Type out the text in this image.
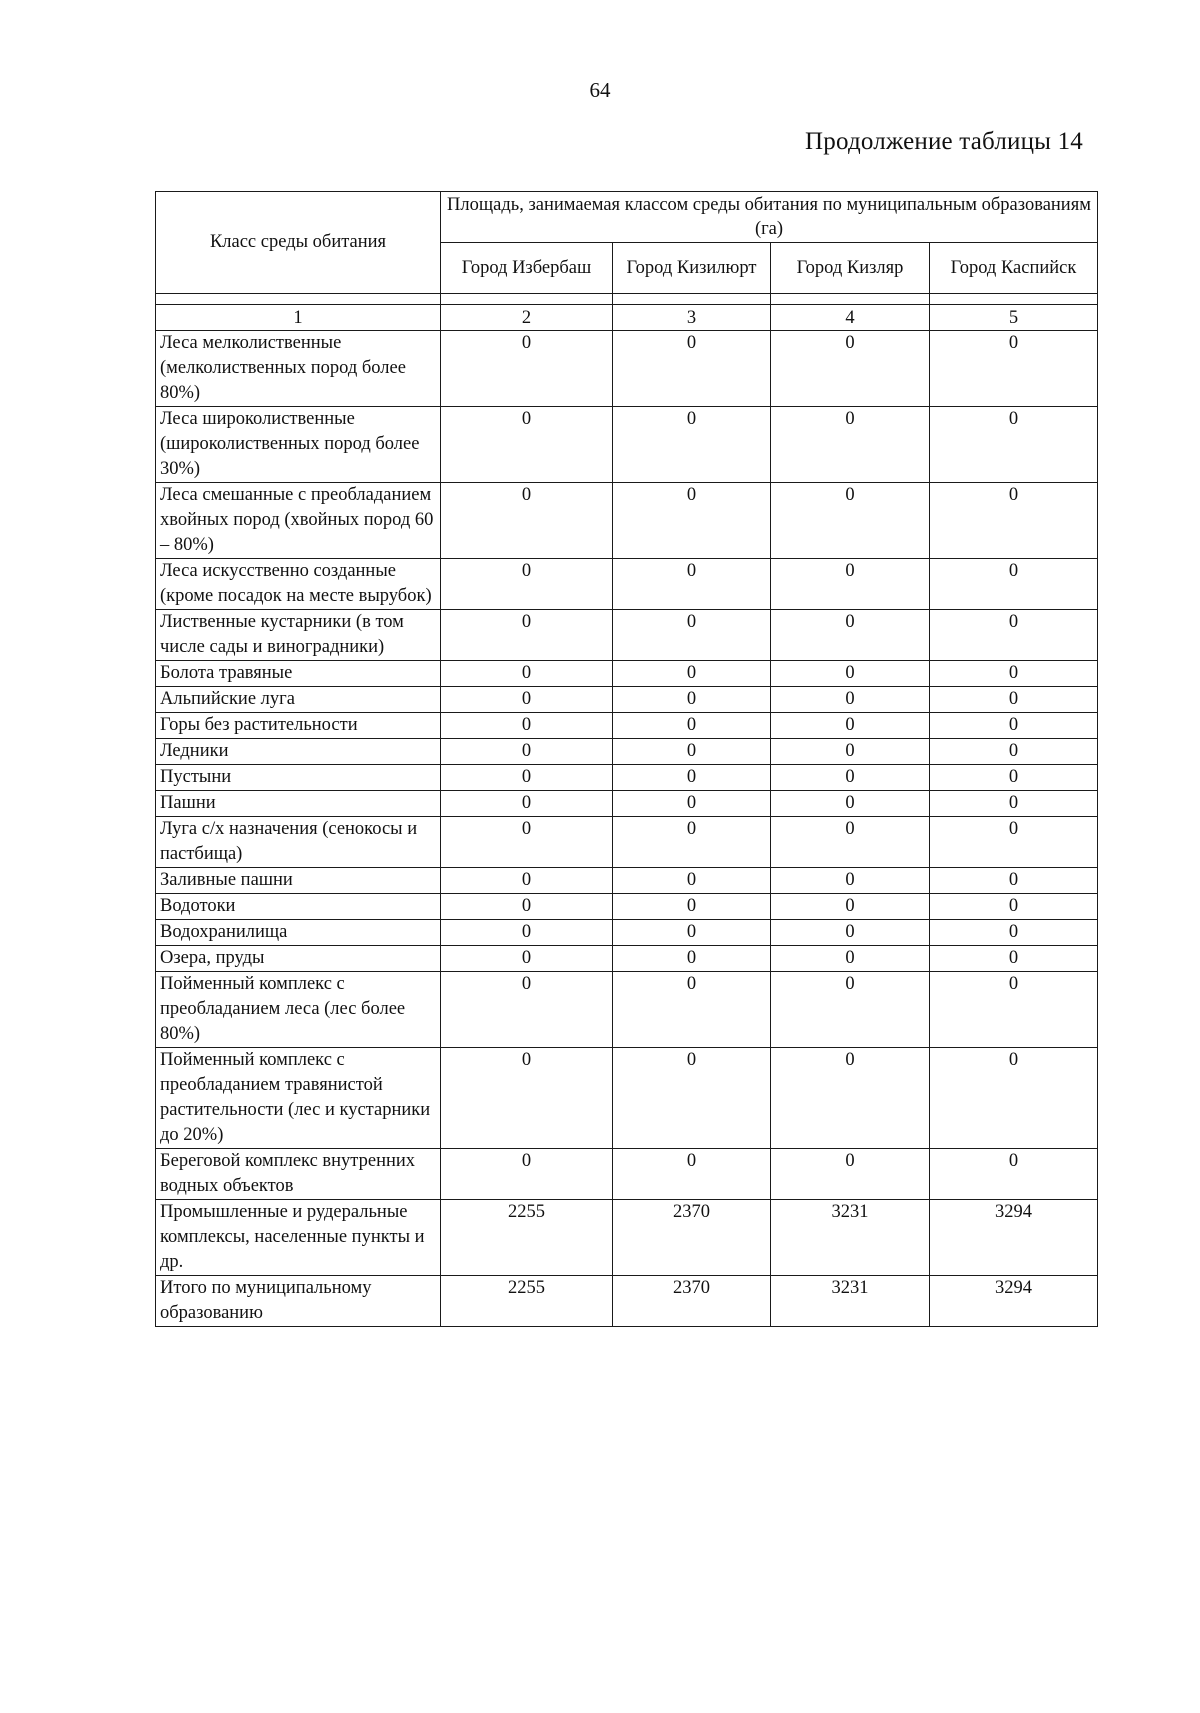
64
Продолжение таблицы 14
Класс среды обитания	Площадь, занимаемая классом среды обитания по муниципальным образованиям (га)			
	Город Избербаш	Город Кизилюрт	Город Кизляр	Город Каспийск

1	2	3	4	5
Леса мелколиственные (мелколиственных пород более 80%)	0	0	0	0
Леса широколиственные (широколиственных пород более 30%)	0	0	0	0
Леса смешанные с преобладанием хвойных пород (хвойных пород 60 – 80%)	0	0	0	0
Леса искусственно созданные (кроме посадок на месте вырубок)	0	0	0	0
Лиственные кустарники (в том числе сады и виноградники)	0	0	0	0
Болота травяные	0	0	0	0
Альпийские луга	0	0	0	0
Горы без растительности	0	0	0	0
Ледники	0	0	0	0
Пустыни	0	0	0	0
Пашни	0	0	0	0
Луга с/х назначения (сенокосы и пастбища)	0	0	0	0
Заливные пашни	0	0	0	0
Водотоки	0	0	0	0
Водохранилища	0	0	0	0
Озера, пруды	0	0	0	0
Пойменный комплекс с преобладанием леса (лес более 80%)	0	0	0	0
Пойменный комплекс с преобладанием травянистой растительности (лес и кустарники до 20%)	0	0	0	0
Береговой комплекс внутренних водных объектов	0	0	0	0
Промышленные и рудеральные комплексы, населенные пункты и др.	2255	2370	3231	3294
Итого по муниципальному образованию	2255	2370	3231	3294
